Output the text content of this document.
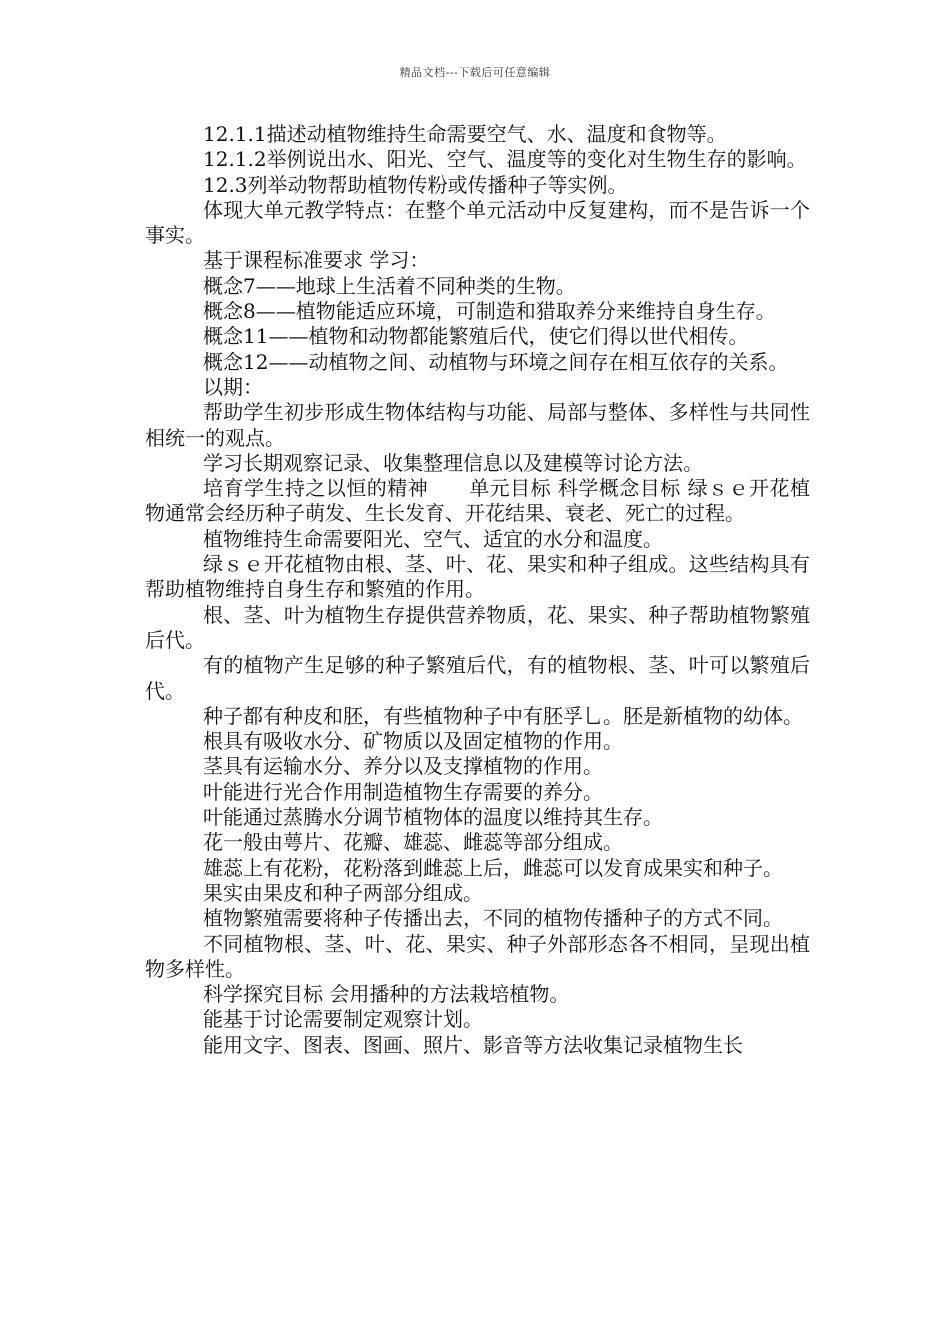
精品文档---下载后可任意编辑

12.1.1描述动植物维持生命需要空气、水、温度和食物等。

12.1.2举例说出水、阳光、空气、温度等的变化对生物生存的影响。

12.3列举动物帮助植物传粉或传播种子等实例。

体现大单元教学特点：在整个单元活动中反复建构，而不是告诉一个事实。

基于课程标准要求 学习：

概念7——地球上生活着不同种类的生物。

概念8——植物能适应环境，可制造和猎取养分来维持自身生存。

概念11——植物和动物都能繁殖后代，使它们得以世代相传。

概念12——动植物之间、动植物与环境之间存在相互依存的关系。

以期：

帮助学生初步形成生物体结构与功能、局部与整体、多样性与共同性相统一的观点。

学习长期观察记录、收集整理信息以及建模等讨论方法。

培育学生持之以恒的精神　　单元目标 科学概念目标 绿ｓｅ开花植物通常会经历种子萌发、生长发育、开花结果、衰老、死亡的过程。

植物维持生命需要阳光、空气、适宜的水分和温度。

绿ｓｅ开花植物由根、茎、叶、花、果实和种子组成。这些结构具有帮助植物维持自身生存和繁殖的作用。

根、茎、叶为植物生存提供营养物质，花、果实、种子帮助植物繁殖后代。

有的植物产生足够的种子繁殖后代，有的植物根、茎、叶可以繁殖后代。

种子都有种皮和胚，有些植物种子中有胚孚乚。胚是新植物的幼体。

根具有吸收水分、矿物质以及固定植物的作用。

茎具有运输水分、养分以及支撑植物的作用。

叶能进行光合作用制造植物生存需要的养分。

叶能通过蒸腾水分调节植物体的温度以维持其生存。

花一般由萼片、花瓣、雄蕊、雌蕊等部分组成。

雄蕊上有花粉，花粉落到雌蕊上后，雌蕊可以发育成果实和种子。

果实由果皮和种子两部分组成。

植物繁殖需要将种子传播出去，不同的植物传播种子的方式不同。

不同植物根、茎、叶、花、果实、种子外部形态各不相同，呈现出植物多样性。

科学探究目标 会用播种的方法栽培植物。

能基于讨论需要制定观察计划。

能用文字、图表、图画、照片、影音等方法收集记录植物生长
